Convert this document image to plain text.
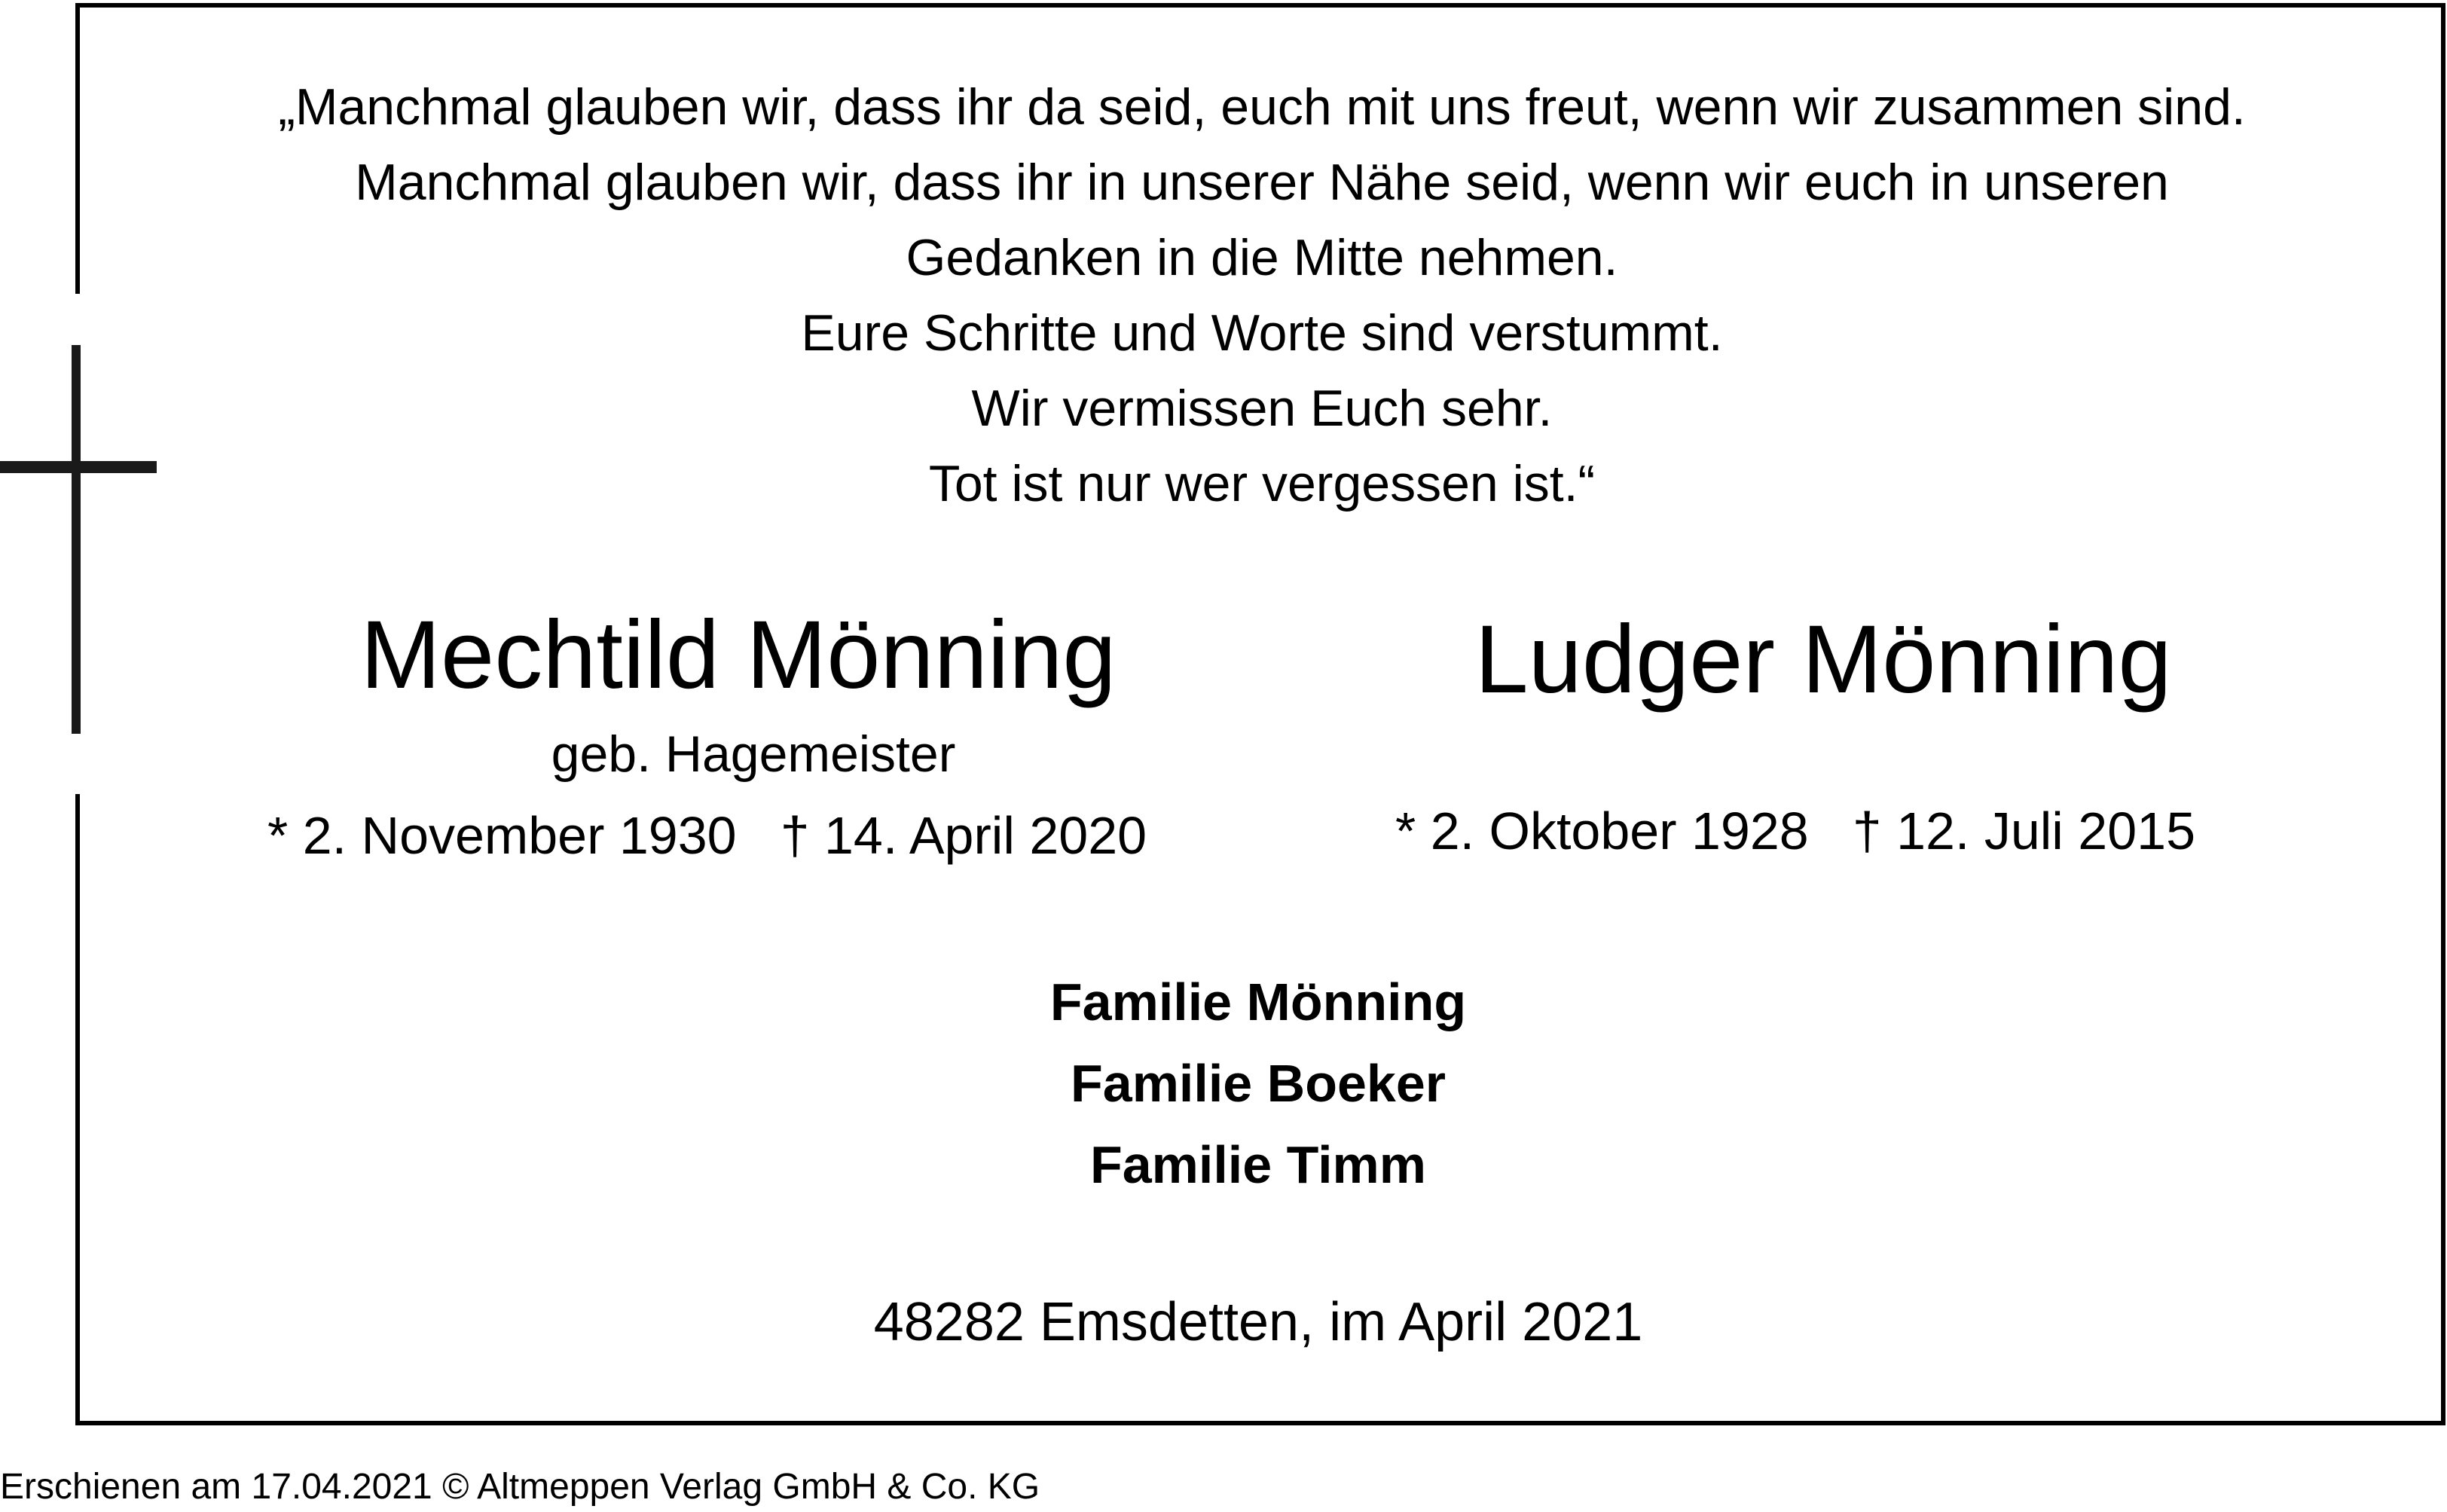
„Manchmal glauben wir, dass ihr da seid, euch mit uns freut, wenn wir zusammen sind.
Manchmal glauben wir, dass ihr in unserer Nähe seid, wenn wir euch in unseren
Gedanken in die Mitte nehmen.
Eure Schritte und Worte sind verstummt.
Wir vermissen Euch sehr.
Tot ist nur wer vergessen ist.“
Mechtild Mönning
geb. Hagemeister
* 2. November 1930 † 14. April 2020
Ludger Mönning
* 2. Oktober 1928 † 12. Juli 2015
Familie Mönning
Familie Boeker
Familie Timm
48282 Emsdetten, im April 2021
Erschienen am 17.04.2021 © Altmeppen Verlag GmbH & Co. KG
